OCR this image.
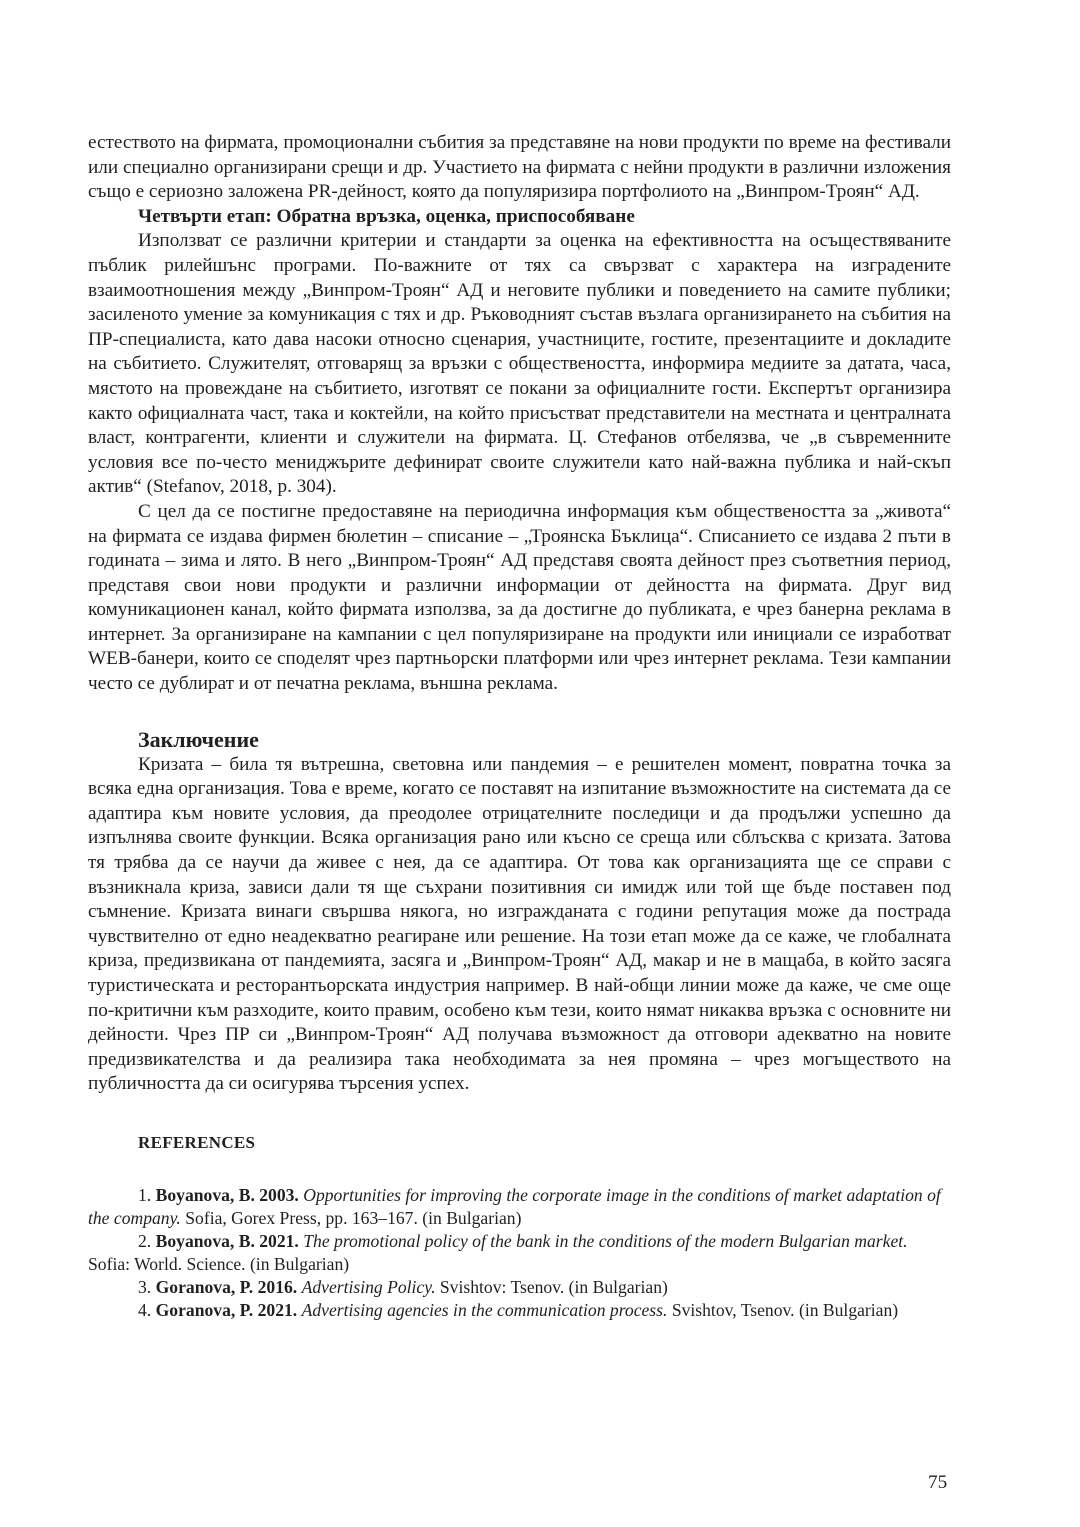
естеството на фирмата, промоционални събития за представяне на нови продукти по време на фестивали или специално организирани срещи и др. Участието на фирмата с нейни продукти в различни изложения също е сериозно заложена PR-дейност, която да популяризира портфолиото на „Винпром-Троян“ АД.

Четвърти етап: Обратна връзка, оценка, приспособяване

Използват се различни критерии и стандарти за оценка на ефективността на осъществяваните пъблик рилейшънс програми. По-важните от тях са свързват с характера на изградените взаимоотношения между „Винпром-Троян“ АД и неговите публики и поведението на самите публики; засиленото умение за комуникация с тях и др. Ръководният състав възлага организирането на събития на ПР-специалиста, като дава насоки относно сценария, участниците, гостите, презентациите и докладите на събитието. Служителят, отговарящ за връзки с обществеността, информира медиите за датата, часа, мястото на провеждане на събитието, изготвят се покани за официалните гости. Експертът организира както официалната част, така и коктейли, на който присъстват представители на местната и централната власт, контрагенти, клиенти и служители на фирмата. Ц. Стефанов отбелязва, че „в съвременните условия все по-често мениджърите дефинират своите служители като най-важна публика и най-скъп актив“ (Stefanov, 2018, p. 304).

С цел да се постигне предоставяне на периодична информация към обществеността за „живота“ на фирмата се издава фирмен бюлетин – списание – „Троянска Бъклица“. Списанието се издава 2 пъти в годината – зима и лято. В него „Винпром-Троян“ АД представя своята дейност през съответния период, представя свои нови продукти и различни информации от дейността на фирмата. Друг вид комуникационен канал, който фирмата използва, за да достигне до публиката, е чрез банерна реклама в интернет. За организиране на кампании с цел популяризиране на продукти или инициали се изработват WEB-банери, които се споделят чрез партньорски платформи или чрез интернет реклама. Тези кампании често се дублират и от печатна реклама, външна реклама.

Заключение

Кризата – била тя вътрешна, световна или пандемия – е решителен момент, повратна точка за всяка една организация. Това е време, когато се поставят на изпитание възможностите на системата да се адаптира към новите условия, да преодолее отрицателните последици и да продължи успешно да изпълнява своите функции. Всяка организация рано или късно се среща или сблъсква с кризата. Затова тя трябва да се научи да живее с нея, да се адаптира. От това как организацията ще се справи с възникнала криза, зависи дали тя ще съхрани позитивния си имидж или той ще бъде поставен под съмнение. Кризата винаги свършва някога, но изгражданата с години репутация може да пострада чувствително от едно неадекватно реагиране или решение. На този етап може да се каже, че глобалната криза, предизвикана от пандемията, засяга и „Винпром-Троян“ АД, макар и не в мащаба, в който засяга туристическата и ресторантьорската индустрия например. В най-общи линии може да каже, че сме още по-критични към разходите, които правим, особено към тези, които нямат никаква връзка с основните ни дейности. Чрез ПР си „Винпром-Троян“ АД получава възможност да отговори адекватно на новите предизвикателства и да реализира така необходимата за нея промяна – чрез могъществото на публичността да си осигурява търсения успех.

REFERENCES

1. Boyanova, B. 2003. Opportunities for improving the corporate image in the conditions of market adaptation of the company. Sofia, Gorex Press, pp. 163–167. (in Bulgarian)

2. Boyanova, B. 2021. The promotional policy of the bank in the conditions of the modern Bulgarian market. Sofia: World. Science. (in Bulgarian)

3. Goranova, P. 2016. Advertising Policy. Svishtov: Tsenov. (in Bulgarian)

4. Goranova, P. 2021. Advertising agencies in the communication process. Svishtov, Tsenov. (in Bulgarian)

75
